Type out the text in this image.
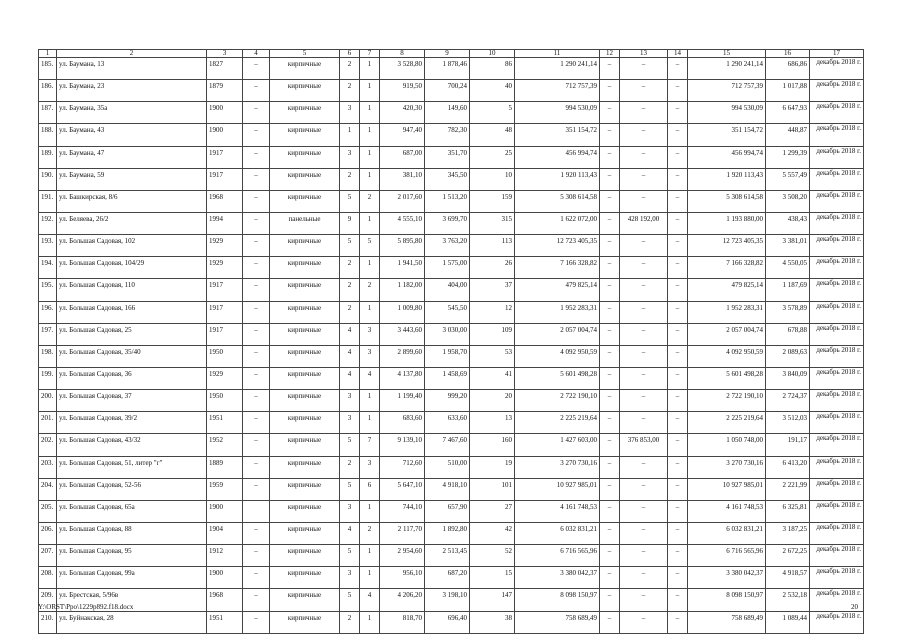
1	2	3	4	5	6	7	8	9	10	11	12	13	14	15	16	17
185.	ул. Баумана, 13	1827	–	кирпичные	2	1	3 528,80	1 878,46	86	1 290 241,14	–	–	–	1 290 241,14	686,86	декабрь 2018 г.
186.	ул. Баумана, 23	1879	–	кирпичные	2	1	919,50	700,24	40	712 757,39	–	–	–	712 757,39	1 017,88	декабрь 2018 г.
187.	ул. Баумана, 35а	1900	–	кирпичные	3	1	420,30	149,60	5	994 530,09	–	–	–	994 530,09	6 647,93	декабрь 2018 г.
188.	ул. Баумана, 43	1900	–	кирпичные	1	1	947,40	782,30	48	351 154,72	–	–	–	351 154,72	448,87	декабрь 2018 г.
189.	ул. Баумана, 47	1917	–	кирпичные	3	1	687,00	351,70	25	456 994,74	–	–	–	456 994,74	1 299,39	декабрь 2018 г.
190.	ул. Баумана, 59	1917	–	кирпичные	2	1	381,10	345,50	10	1 920 113,43	–	–	–	1 920 113,43	5 557,49	декабрь 2018 г.
191.	ул. Башкирская, 8/6	1968	–	кирпичные	5	2	2 017,60	1 513,20	159	5 308 614,58	–	–	–	5 308 614,58	3 508,20	декабрь 2018 г.
192.	ул. Беляева, 26/2	1994	–	панельные	9	1	4 555,10	3 699,70	315	1 622 072,00	–	428 192,00	–	1 193 880,00	438,43	декабрь 2018 г.
193.	ул. Большая Садовая, 102	1929	–	кирпичные	5	5	5 895,80	3 763,20	113	12 723 405,35	–	–	–	12 723 405,35	3 381,01	декабрь 2018 г.
194.	ул. Большая Садовая, 104/29	1929	–	кирпичные	2	1	1 941,50	1 575,00	26	7 166 328,82	–	–	–	7 166 328,82	4 550,05	декабрь 2018 г.
195.	ул. Большая Садовая, 110	1917	–	кирпичные	2	2	1 182,00	404,00	37	479 825,14	–	–	–	479 825,14	1 187,69	декабрь 2018 г.
196.	ул. Большая Садовая, 166	1917	–	кирпичные	2	1	1 009,80	545,50	12	1 952 283,31	–	–	–	1 952 283,31	3 578,89	декабрь 2018 г.
197.	ул. Большая Садовая, 25	1917	–	кирпичные	4	3	3 443,60	3 030,00	109	2 057 004,74	–	–	–	2 057 004,74	678,88	декабрь 2018 г.
198.	ул. Большая Садовая, 35/40	1950	–	кирпичные	4	3	2 899,60	1 958,70	53	4 092 950,59	–	–	–	4 092 950,59	2 089,63	декабрь 2018 г.
199.	ул. Большая Садовая, 36	1929	–	кирпичные	4	4	4 137,80	1 458,69	41	5 601 498,28	–	–	–	5 601 498,28	3 840,09	декабрь 2018 г.
200.	ул. Большая Садовая, 37	1950	–	кирпичные	3	1	1 199,40	999,20	20	2 722 190,10	–	–	–	2 722 190,10	2 724,37	декабрь 2018 г.
201.	ул. Большая Садовая, 39/2	1951	–	кирпичные	3	1	683,60	633,60	13	2 225 219,64	–	–	–	2 225 219,64	3 512,03	декабрь 2018 г.
202.	ул. Большая Садовая, 43/32	1952	–	кирпичные	5	7	9 139,10	7 467,60	160	1 427 603,00	–	376 853,00	–	1 050 748,00	191,17	декабрь 2018 г.
203.	ул. Большая Садовая, 51, литер "г"	1889	–	кирпичные	2	3	712,60	510,00	19	3 270 730,16	–	–	–	3 270 730,16	6 413,20	декабрь 2018 г.
204.	ул. Большая Садовая, 52-56	1959	–	кирпичные	5	6	5 647,10	4 918,10	101	10 927 985,01	–	–	–	10 927 985,01	2 221,99	декабрь 2018 г.
205.	ул. Большая Садовая, 65а	1900		кирпичные	3	1	744,10	657,90	27	4 161 748,53	–	–	–	4 161 748,53	6 325,81	декабрь 2018 г.
206.	ул. Большая Садовая, 88	1904	–	кирпичные	4	2	2 117,70	1 892,80	42	6 032 831,21	–	–	–	6 032 831,21	3 187,25	декабрь 2018 г.
207.	ул. Большая Садовая, 95	1912	–	кирпичные	5	1	2 954,60	2 513,45	52	6 716 565,96	–	–	–	6 716 565,96	2 672,25	декабрь 2018 г.
208.	ул. Большая Садовая, 99а	1900	–	кирпичные	3	1	956,10	687,20	15	3 380 042,37	–	–	–	3 380 042,37	4 918,57	декабрь 2018 г.
209.	ул. Брестская, 5/96в	1968	–	кирпичные	5	4	4 206,20	3 198,10	147	8 098 150,97	–	–	–	8 098 150,97	2 532,18	декабрь 2018 г.
210.	ул. Буйнакская, 28	1951	–	кирпичные	2	1	818,70	696,40	38	758 689,49	–	–	–	758 689,49	1 089,44	декабрь 2018 г.
Y:\ORST\Ppo\1229p892.f18.docx	20
